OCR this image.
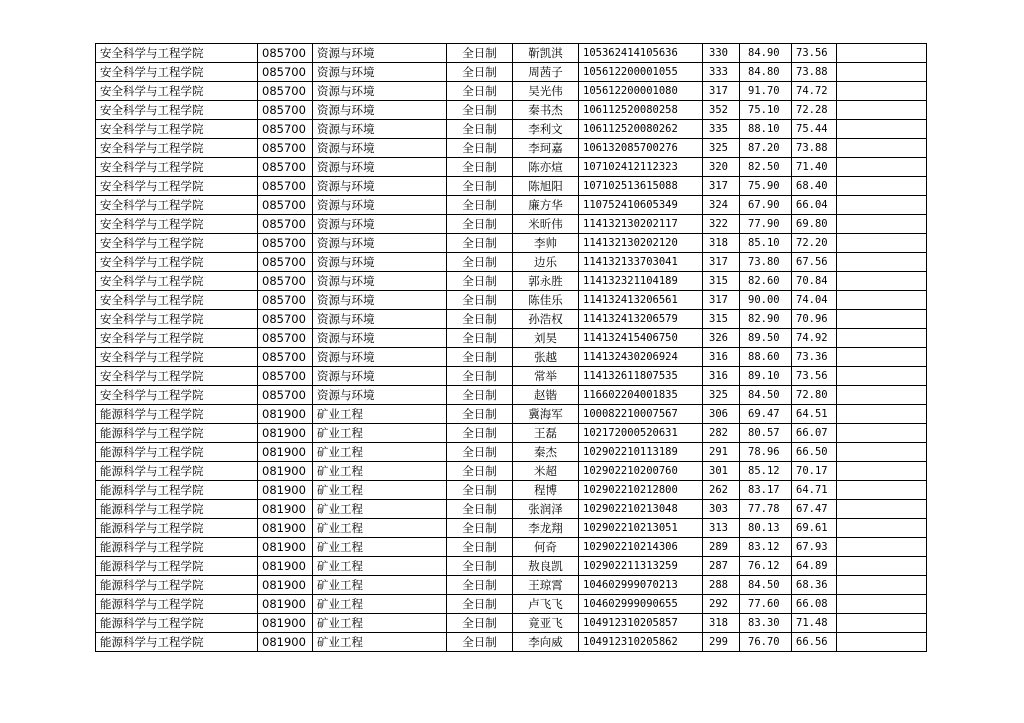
安全科学与工程学院	085700	资源与环境	全日制	靳凯淇	105362414105636	330	84.90	73.56	
安全科学与工程学院	085700	资源与环境	全日制	周茜子	105612200001055	333	84.80	73.88	
安全科学与工程学院	085700	资源与环境	全日制	吴光伟	105612200001080	317	91.70	74.72	
安全科学与工程学院	085700	资源与环境	全日制	秦书杰	106112520080258	352	75.10	72.28	
安全科学与工程学院	085700	资源与环境	全日制	李利文	106112520080262	335	88.10	75.44	
安全科学与工程学院	085700	资源与环境	全日制	李珂嘉	106132085700276	325	87.20	73.88	
安全科学与工程学院	085700	资源与环境	全日制	陈亦煊	107102412112323	320	82.50	71.40	
安全科学与工程学院	085700	资源与环境	全日制	陈旭阳	107102513615088	317	75.90	68.40	
安全科学与工程学院	085700	资源与环境	全日制	廉方华	110752410605349	324	67.90	66.04	
安全科学与工程学院	085700	资源与环境	全日制	米昕伟	114132130202117	322	77.90	69.80	
安全科学与工程学院	085700	资源与环境	全日制	李帅	114132130202120	318	85.10	72.20	
安全科学与工程学院	085700	资源与环境	全日制	边乐	114132133703041	317	73.80	67.56	
安全科学与工程学院	085700	资源与环境	全日制	郭永胜	114132321104189	315	82.60	70.84	
安全科学与工程学院	085700	资源与环境	全日制	陈佳乐	114132413206561	317	90.00	74.04	
安全科学与工程学院	085700	资源与环境	全日制	孙浩权	114132413206579	315	82.90	70.96	
安全科学与工程学院	085700	资源与环境	全日制	刘昊	114132415406750	326	89.50	74.92	
安全科学与工程学院	085700	资源与环境	全日制	张越	114132430206924	316	88.60	73.36	
安全科学与工程学院	085700	资源与环境	全日制	常举	114132611807535	316	89.10	73.56	
安全科学与工程学院	085700	资源与环境	全日制	赵锴	116602204001835	325	84.50	72.80	
能源科学与工程学院	081900	矿业工程	全日制	冀海军	100082210007567	306	69.47	64.51	
能源科学与工程学院	081900	矿业工程	全日制	王磊	102172000520631	282	80.57	66.07	
能源科学与工程学院	081900	矿业工程	全日制	秦杰	102902210113189	291	78.96	66.50	
能源科学与工程学院	081900	矿业工程	全日制	米超	102902210200760	301	85.12	70.17	
能源科学与工程学院	081900	矿业工程	全日制	程博	102902210212800	262	83.17	64.71	
能源科学与工程学院	081900	矿业工程	全日制	张润泽	102902210213048	303	77.78	67.47	
能源科学与工程学院	081900	矿业工程	全日制	李龙翔	102902210213051	313	80.13	69.61	
能源科学与工程学院	081900	矿业工程	全日制	何奇	102902210214306	289	83.12	67.93	
能源科学与工程学院	081900	矿业工程	全日制	敖良凯	102902211313259	287	76.12	64.89	
能源科学与工程学院	081900	矿业工程	全日制	王琼霄	104602999070213	288	84.50	68.36	
能源科学与工程学院	081900	矿业工程	全日制	卢飞飞	104602999090655	292	77.60	66.08	
能源科学与工程学院	081900	矿业工程	全日制	竟亚飞	104912310205857	318	83.30	71.48	
能源科学与工程学院	081900	矿业工程	全日制	李向威	104912310205862	299	76.70	66.56	
